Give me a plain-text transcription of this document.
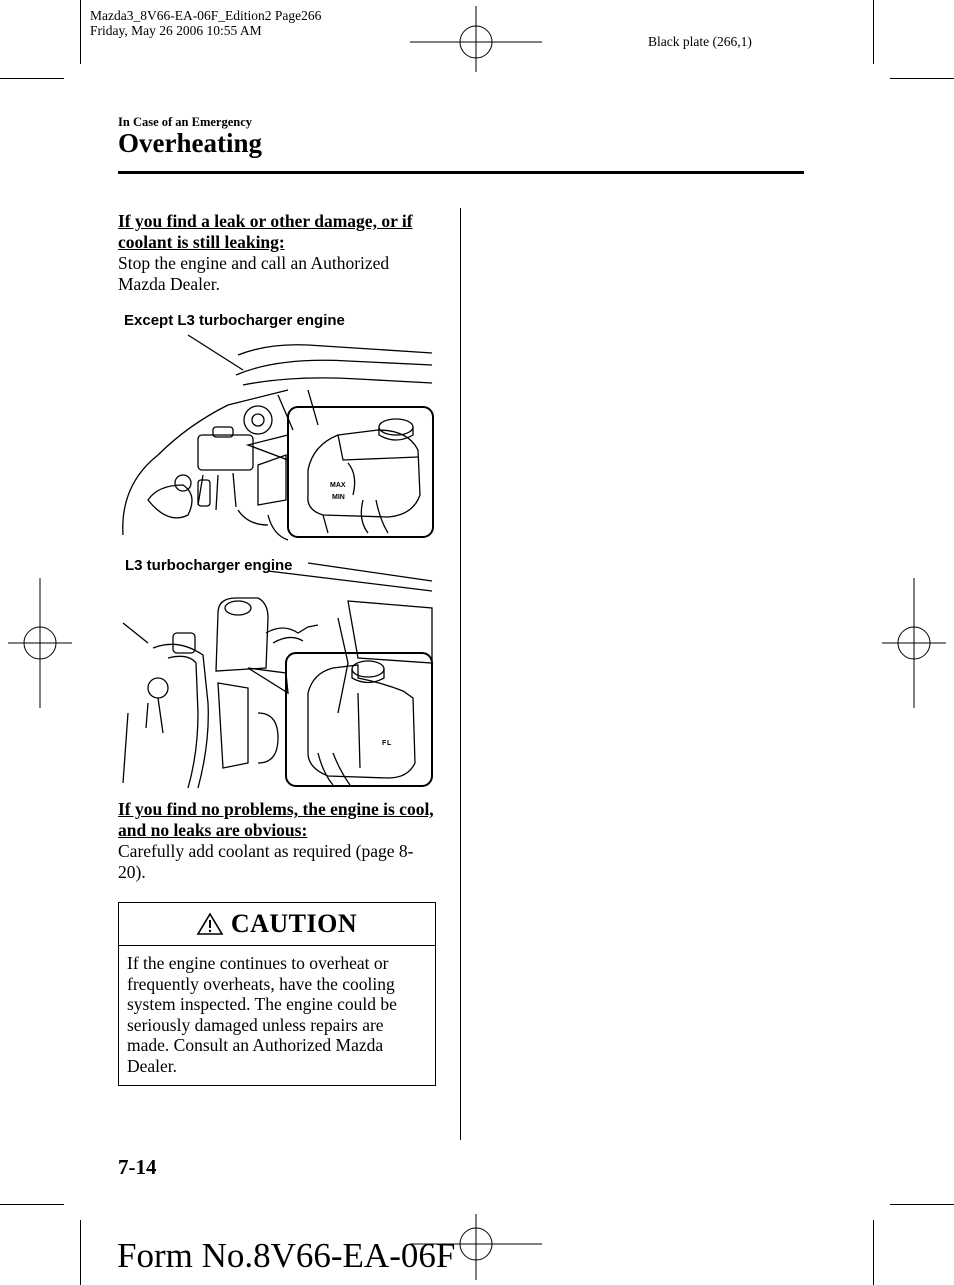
Mazda3_8V66-EA-06F_Edition2 Page266
Friday, May 26 2006 10:55 AM
Black plate (266,1)
In Case of an Emergency
Overheating
If you find a leak or other damage, or if coolant is still leaking:
Stop the engine and call an Authorized Mazda Dealer.
Except L3 turbocharger engine
MAX
MIN
L3 turbocharger engine
F L
If you find no problems, the engine is cool, and no leaks are obvious:
Carefully add coolant as required (page 8-20).
CAUTION
If the engine continues to overheat or frequently overheats, have the cooling system inspected. The engine could be seriously damaged unless repairs are made. Consult an Authorized Mazda Dealer.
7-14
Form No.8V66-EA-06F
